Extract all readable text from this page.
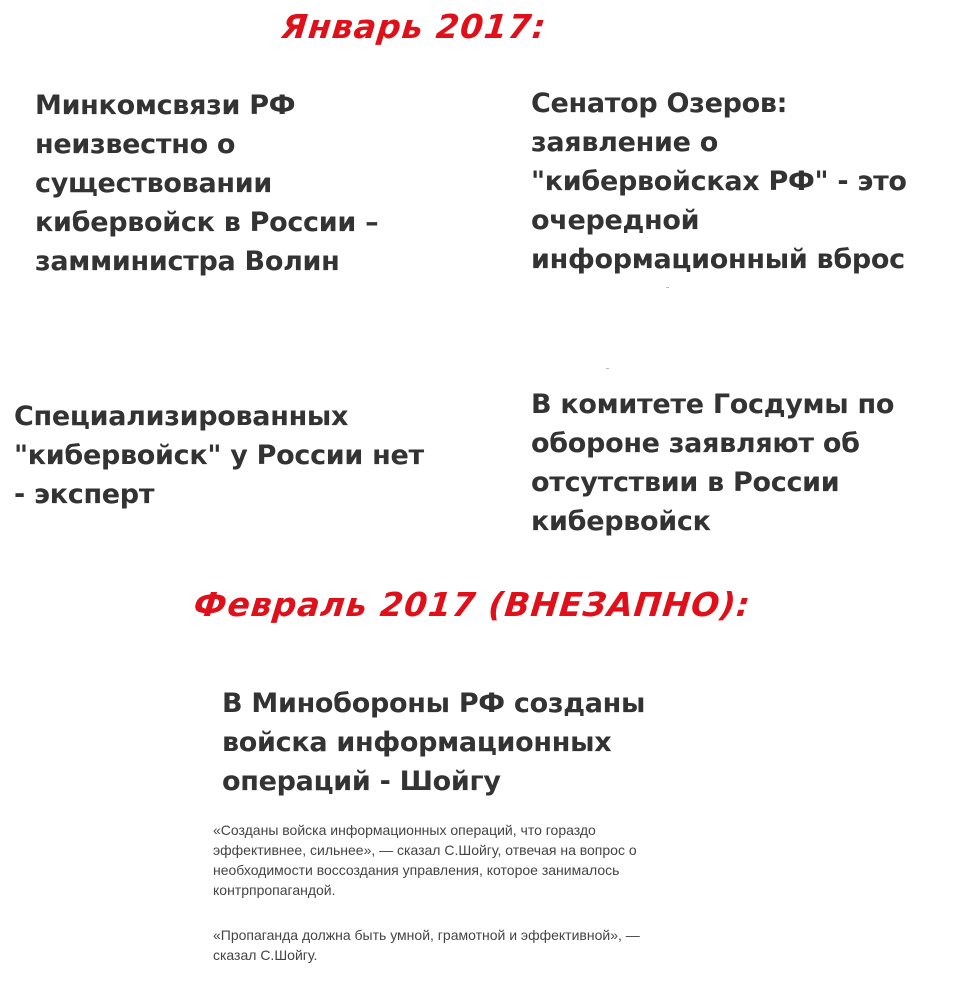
Январь 2017:

Минкомсвязи РФ
неизвестно о
существовании
кибервойск в России –
замминистра Волин

Сенатор Озеров:
заявление о
"кибервойсках РФ" - это
очередной
информационный вброс

Специализированных
"кибервойск" у России нет
- эксперт

В комитете Госдумы по
обороне заявляют об
отсутствии в России
кибервойск

Февраль 2017 (ВНЕЗАПНО):

В Минобороны РФ созданы
войска информационных
операций - Шойгу

«Созданы войска информационных операций, что гораздо
эффективнее, сильнее», — сказал С.Шойгу, отвечая на вопрос о
необходимости воссоздания управления, которое занималось
контрпропагандой.

«Пропаганда должна быть умной, грамотной и эффективной», —
сказал С.Шойгу.
